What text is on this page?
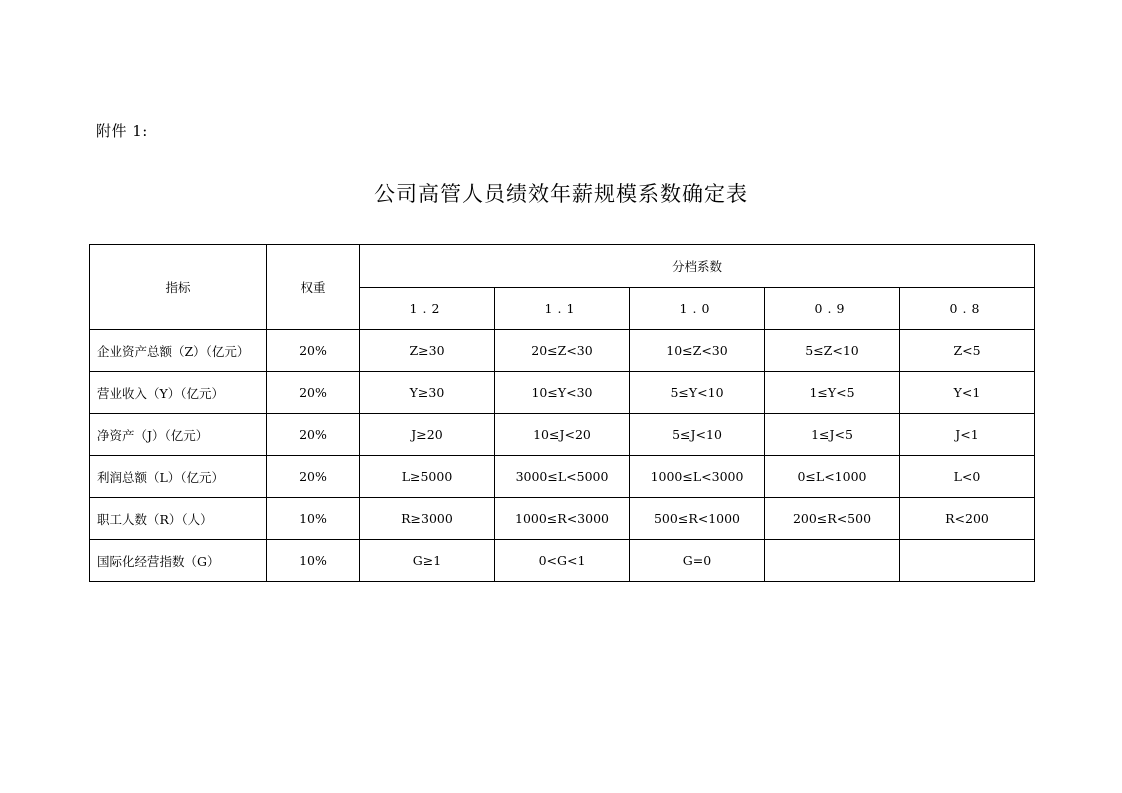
附件 1:
公司高管人员绩效年薪规模系数确定表
指标	权重	分档系数				
		1.2	1.1	1.0	0.9	0.8
企业资产总额（Z）（亿元）	20%	Z≥30	20≤Z<30	10≤Z<30	5≤Z<10	Z<5
营业收入（Y）（亿元）	20%	Y≥30	10≤Y<30	5≤Y<10	1≤Y<5	Y<1
净资产（J）（亿元）	20%	J≥20	10≤J<20	5≤J<10	1≤J<5	J<1
利润总额（L）（亿元）	20%	L≥5000	3000≤L<5000	1000≤L<3000	0≤L<1000	L<0
职工人数（R）（人）	10%	R≥3000	1000≤R<3000	500≤R<1000	200≤R<500	R<200
国际化经营指数（G）	10%	G≥1	0<G<1	G=0		
